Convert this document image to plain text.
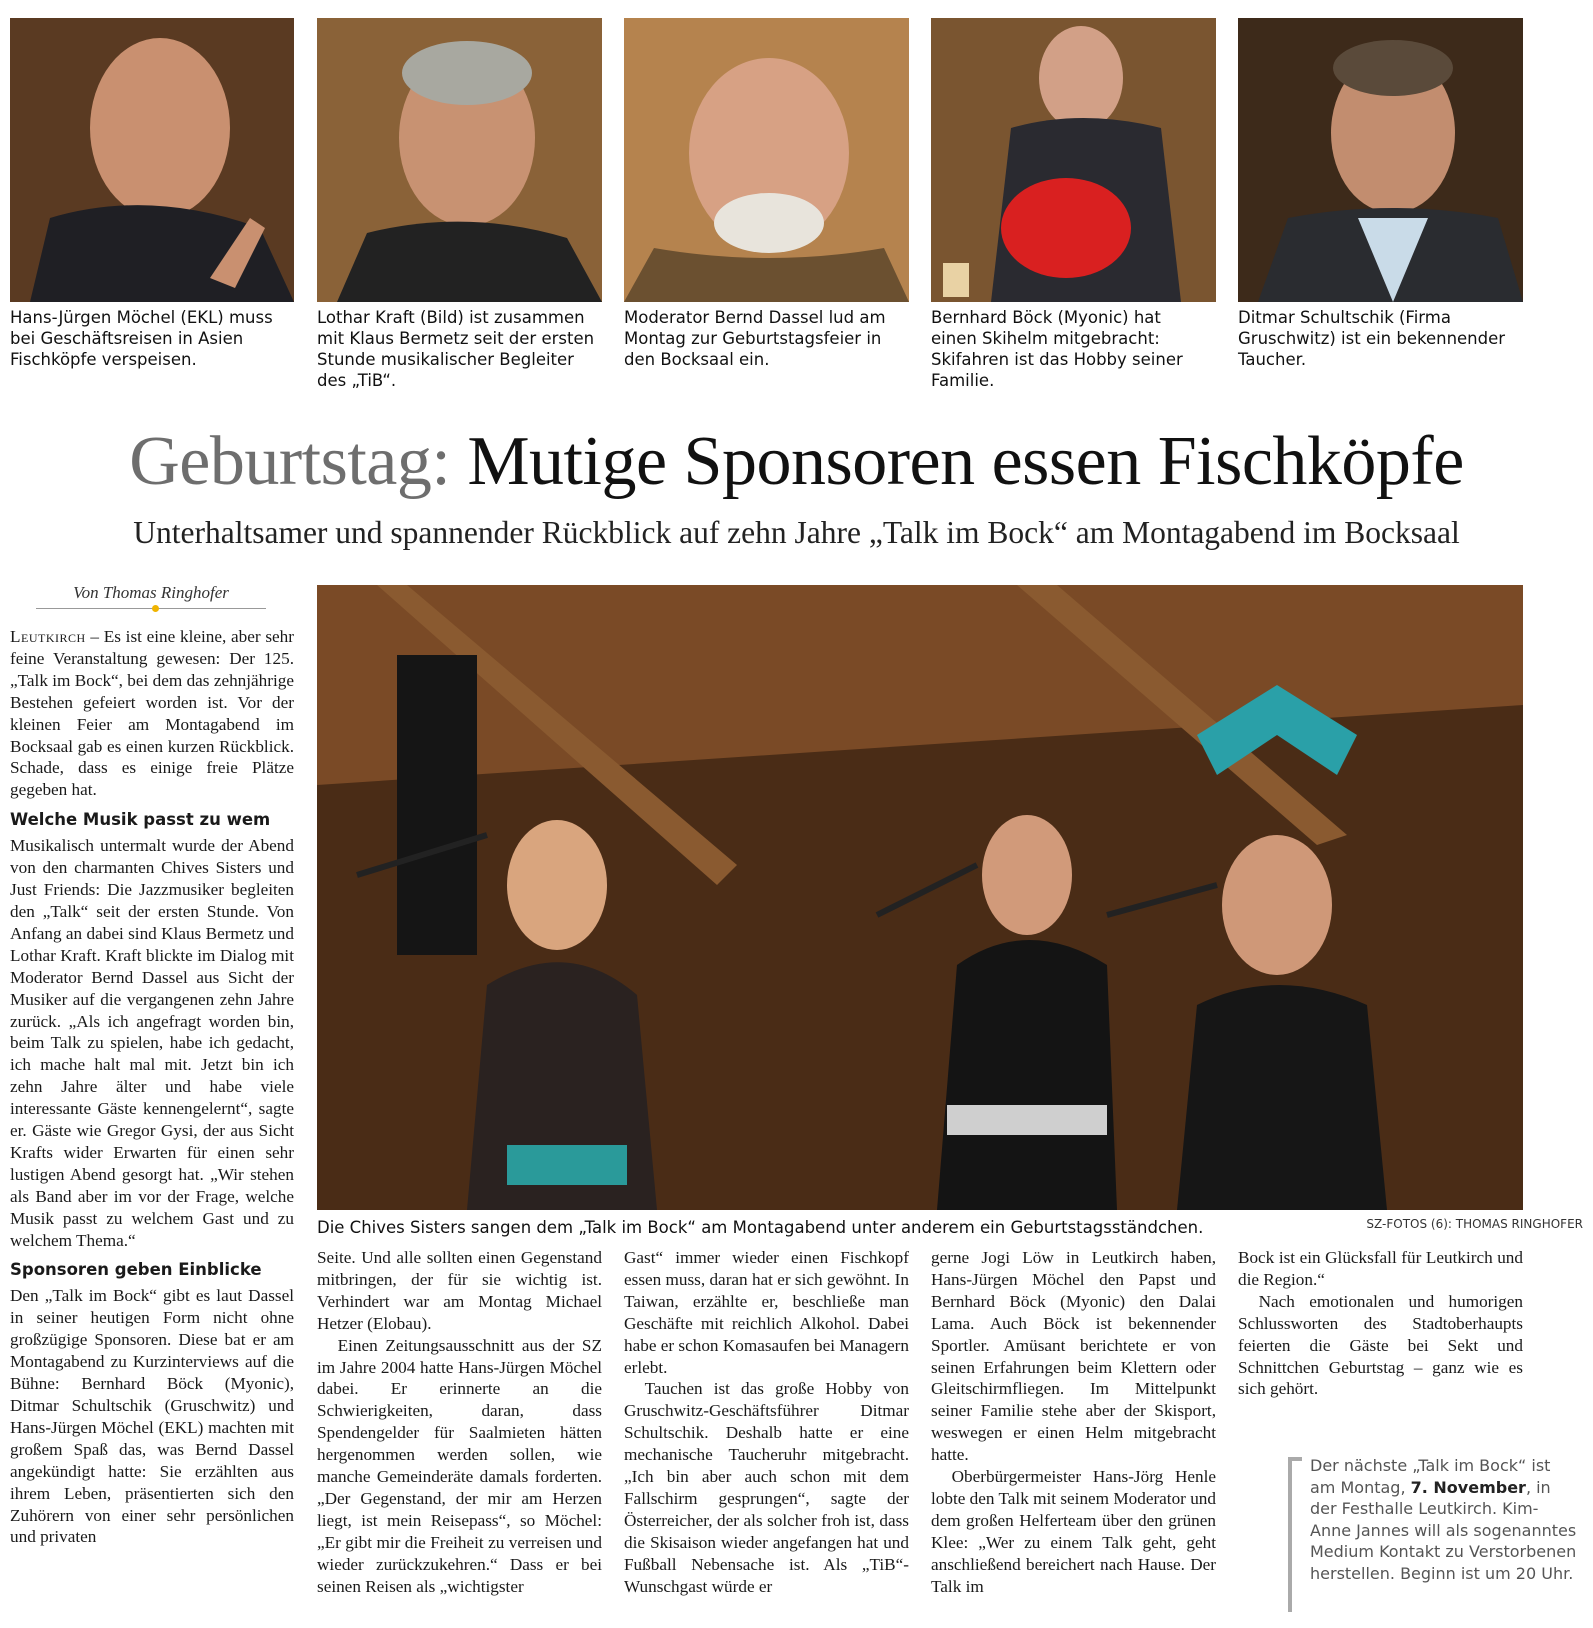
Hans-Jürgen Möchel (EKL) muss bei Geschäftsreisen in Asien Fischköpfe verspeisen.
Lothar Kraft (Bild) ist zusammen mit Klaus Bermetz seit der ersten Stunde musikalischer Begleiter des „TiB“.
Moderator Bernd Dassel lud am Montag zur Geburtstagsfeier in den Bocksaal ein.
Bernhard Böck (Myonic) hat einen Skihelm mitgebracht: Skifahren ist das Hobby seiner Familie.
Ditmar Schultschik (Firma Gruschwitz) ist ein bekennender Taucher.
Geburtstag: Mutige Sponsoren essen Fischköpfe
Unterhaltsamer und spannender Rückblick auf zehn Jahre „Talk im Bock“ am Montagabend im Bocksaal
Von Thomas Ringhofer
Die Chives Sisters sangen dem „Talk im Bock“ am Montagabend unter anderem ein Geburtstagsständchen.	SZ-FOTOS (6): THOMAS RINGHOFER

Leutkirch – Es ist eine kleine, aber sehr feine Veranstaltung gewesen: Der 125. „Talk im Bock“, bei dem das zehnjährige Bestehen gefeiert worden ist. Vor der kleinen Feier am Montagabend im Bocksaal gab es einen kurzen Rückblick. Schade, dass es einige freie Plätze gegeben hat.

Welche Musik passt zu wem

Musikalisch untermalt wurde der Abend von den charmanten Chives Sisters und Just Friends: Die Jazzmusiker begleiten den „Talk“ seit der ersten Stunde. Von Anfang an dabei sind Klaus Bermetz und Lothar Kraft. Kraft blickte im Dialog mit Moderator Bernd Dassel aus Sicht der Musiker auf die vergangenen zehn Jahre zurück. „Als ich angefragt worden bin, beim Talk zu spielen, habe ich gedacht, ich mache halt mal mit. Jetzt bin ich zehn Jahre älter und habe viele interessante Gäste kennengelernt“, sagte er. Gäste wie Gregor Gysi, der aus Sicht Krafts wider Erwarten für einen sehr lustigen Abend gesorgt hat. „Wir stehen als Band aber im vor der Frage, welche Musik passt zu welchem Gast und zu welchem Thema.“

Sponsoren geben Einblicke

Den „Talk im Bock“ gibt es laut Dassel in seiner heutigen Form nicht ohne großzügige Sponsoren. Diese bat er am Montagabend zu Kurzinterviews auf die Bühne: Bernhard Böck (Myonic), Ditmar Schultschik (Gruschwitz) und Hans-Jürgen Möchel (EKL) machten mit großem Spaß das, was Bernd Dassel angekündigt hatte: Sie erzählten aus ihrem Leben, präsentierten sich den Zuhörern von einer sehr persönlichen und privaten

Seite. Und alle sollten einen Gegenstand mitbringen, der für sie wichtig ist. Verhindert war am Montag Michael Hetzer (Elobau).

Einen Zeitungsausschnitt aus der SZ im Jahre 2004 hatte Hans-Jürgen Möchel dabei. Er erinnerte an die Schwierigkeiten, daran, dass Spendengelder für Saalmieten hätten hergenommen werden sollen, wie manche Gemeinderäte damals forderten. „Der Gegenstand, der mir am Herzen liegt, ist mein Reisepass“, so Möchel: „Er gibt mir die Freiheit zu verreisen und wieder zurückzukehren.“ Dass er bei seinen Reisen als „wichtigster

Gast“ immer wieder einen Fischkopf essen muss, daran hat er sich gewöhnt. In Taiwan, erzählte er, beschließe man Geschäfte mit reichlich Alkohol. Dabei habe er schon Komasaufen bei Managern erlebt.

Tauchen ist das große Hobby von Gruschwitz-Geschäftsführer Ditmar Schultschik. Deshalb hatte er eine mechanische Taucheruhr mitgebracht. „Ich bin aber auch schon mit dem Fallschirm gesprungen“, sagte der Österreicher, der als solcher froh ist, dass die Skisaison wieder angefangen hat und Fußball Nebensache ist. Als „TiB“-Wunschgast würde er

gerne Jogi Löw in Leutkirch haben, Hans-Jürgen Möchel den Papst und Bernhard Böck (Myonic) den Dalai Lama. Auch Böck ist bekennender Sportler. Amüsant berichtete er von seinen Erfahrungen beim Klettern oder Gleitschirmfliegen. Im Mittelpunkt seiner Familie stehe aber der Skisport, weswegen er einen Helm mitgebracht hatte.

Oberbürgermeister Hans-Jörg Henle lobte den Talk mit seinem Moderator und dem großen Helferteam über den grünen Klee: „Wer zu einem Talk geht, geht anschließend bereichert nach Hause. Der Talk im

Bock ist ein Glücksfall für Leutkirch und die Region.“

Nach emotionalen und humorigen Schlussworten des Stadtoberhaupts feierten die Gäste bei Sekt und Schnittchen Geburtstag – ganz wie es sich gehört.

Der nächste „Talk im Bock“ ist am Montag, 7. November, in der Festhalle Leutkirch. Kim-Anne Jannes will als sogenanntes Medium Kontakt zu Verstorbenen herstellen. Beginn ist um 20 Uhr.
